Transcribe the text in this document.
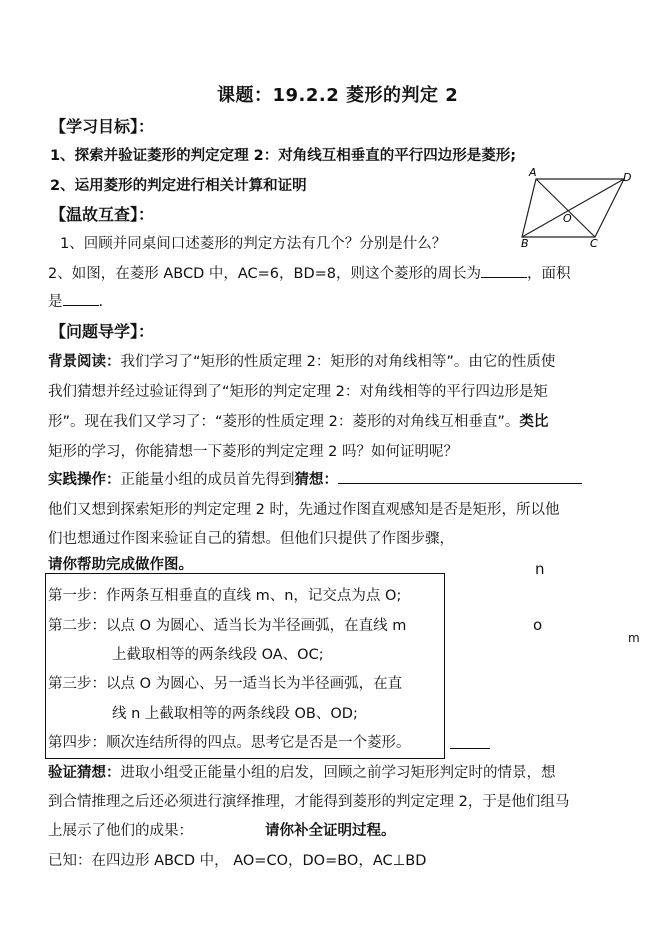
课题：19.2.2 菱形的判定 2
【学习目标】：
1、探索并验证菱形的判定定理 2：对角线互相垂直的平行四边形是菱形;
2、运用菱形的判定进行相关计算和证明
【温故互查】：
1、回顾并同桌间口述菱形的判定方法有几个？分别是什么？
2、如图，在菱形 ABCD 中，AC=6，BD=8，则这个菱形的周长为	，面积
是 .
A	D
O
B	C
【问题导学】：
背景阅读：我们学习了“矩形的性质定理 2：矩形的对角线相等”。由它的性质使
我们猜想并经过验证得到了“矩形的判定定理 2：对角线相等的平行四边形是矩
形”。现在我们又学习了：“菱形的性质定理 2：菱形的对角线互相垂直”。类比
矩形的学习，你能猜想一下菱形的判定定理 2 吗？如何证明呢？
实践操作：正能量小组的成员首先得到猜想：
他们又想到探索矩形的判定定理 2 时，先通过作图直观感知是否是矩形，所以他
们也想通过作图来验证自己的猜想。但他们只提供了作图步骤，
请你帮助完成做作图。
第一步：作两条互相垂直的直线 m、n，记交点为点 O;
第二步：以点 O 为圆心、适当长为半径画弧，在直线 m
上截取相等的两条线段 OA、OC;
第三步：以点 O 为圆心、另一适当长为半径画弧，在直
线 n 上截取相等的两条线段 OB、OD;
第四步：顺次连结所得的四点。思考它是否是一个菱形。
n
o
m
验证猜想：进取小组受正能量小组的启发，回顾之前学习矩形判定时的情景，想
到合情推理之后还必须进行演绎推理，才能得到菱形的判定定理 2，于是他们组马
上展示了他们的成果：	请你补全证明过程。
已知：在四边形 ABCD 中， AO=CO，DO=BO，AC⊥BD
